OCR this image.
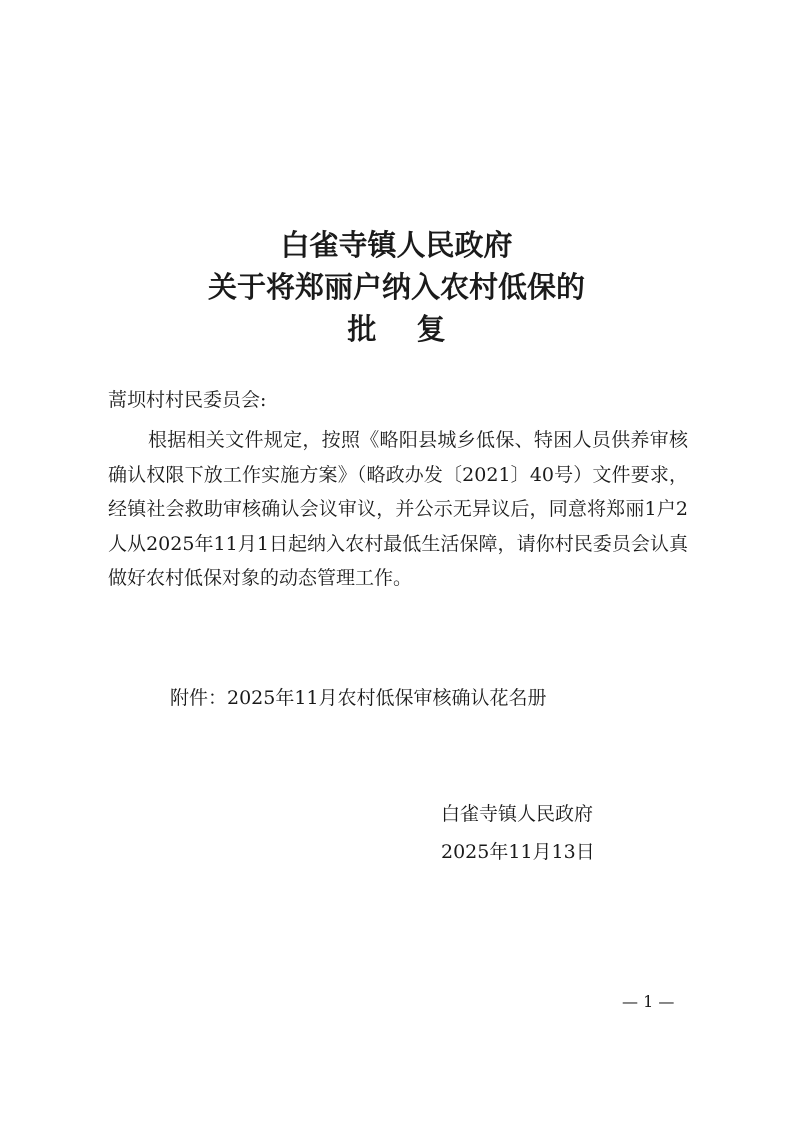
白雀寺镇人民政府
关于将郑丽户纳入农村低保的
批复
蒿坝村村民委员会:

根据相关文件规定，按照《略阳县城乡低保、特困人员供养审核确认权限下放工作实施方案》（略政办发〔2021〕40号）文件要求，经镇社会救助审核确认会议审议，并公示无异议后，同意将郑丽1户2人从2025年11月1日起纳入农村最低生活保障，请你村民委员会认真做好农村低保对象的动态管理工作。

附件：2025年11月农村低保审核确认花名册
白雀寺镇人民政府
2025年11月13日
— 1 —
